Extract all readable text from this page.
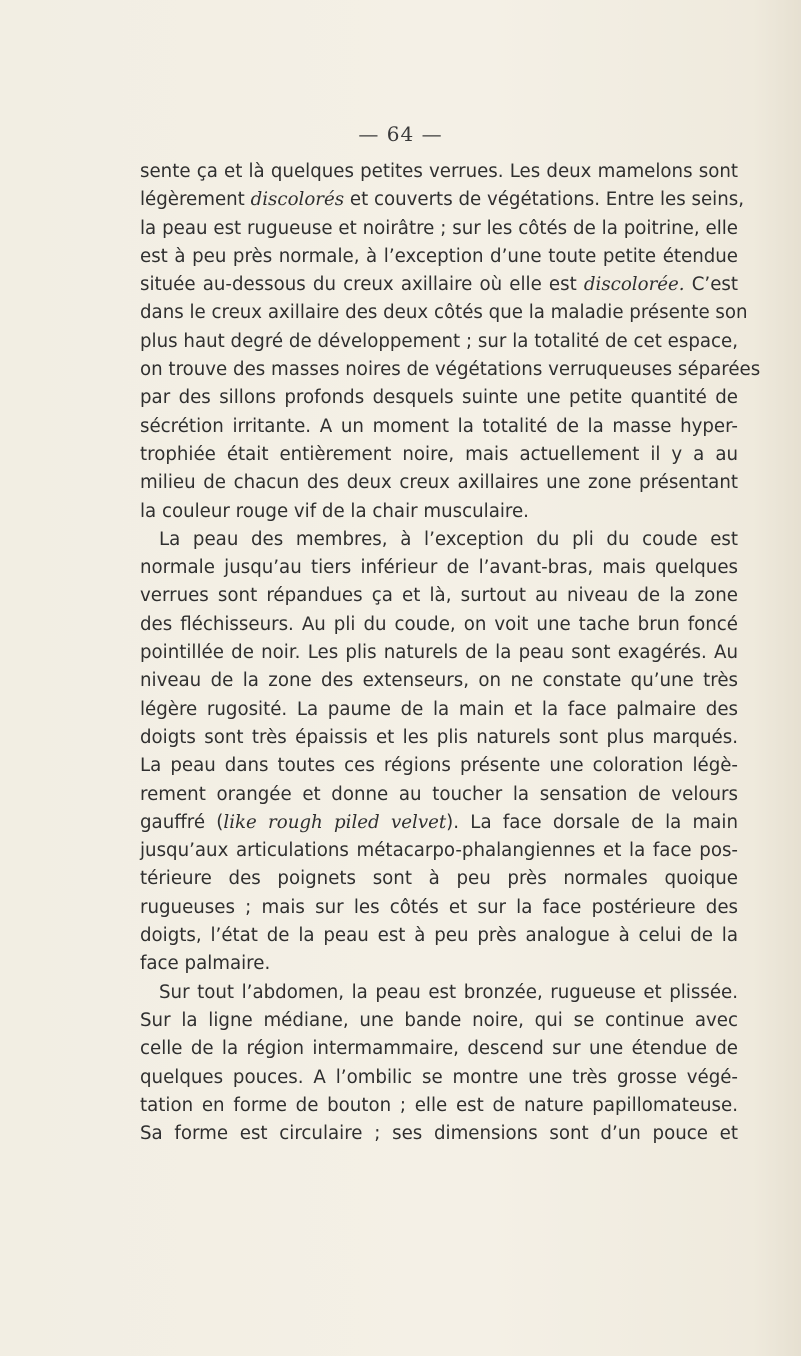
— 64 —
sente ça et là quelques petites verrues. Les deux mamelons sont
légèrement discolorés et couverts de végétations. Entre les seins,
la peau est rugueuse et noirâtre ; sur les côtés de la poitrine, elle
est à peu près normale, à l’exception d’une toute petite étendue
située au-dessous du creux axillaire où elle est discolorée. C’est
dans le creux axillaire des deux côtés que la maladie présente son
plus haut degré de développement ; sur la totalité de cet espace,
on trouve des masses noires de végétations verruqueuses séparées
par des sillons profonds desquels suinte une petite quantité de
sécrétion irritante. A un moment la totalité de la masse hyper-
trophiée était entièrement noire, mais actuellement il y a au
milieu de chacun des deux creux axillaires une zone présentant
la couleur rouge vif de la chair musculaire.
La peau des membres, à l’exception du pli du coude est
normale jusqu’au tiers inférieur de l’avant-bras, mais quelques
verrues sont répandues ça et là, surtout au niveau de la zone
des fléchisseurs. Au pli du coude, on voit une tache brun foncé
pointillée de noir. Les plis naturels de la peau sont exagérés. Au
niveau de la zone des extenseurs, on ne constate qu’une très
légère rugosité. La paume de la main et la face palmaire des
doigts sont très épaissis et les plis naturels sont plus marqués.
La peau dans toutes ces régions présente une coloration légè-
rement orangée et donne au toucher la sensation de velours
gauffré (like rough piled velvet). La face dorsale de la main
jusqu’aux articulations métacarpo-phalangiennes et la face pos-
térieure des poignets sont à peu près normales quoique
rugueuses ; mais sur les côtés et sur la face postérieure des
doigts, l’état de la peau est à peu près analogue à celui de la
face palmaire.
Sur tout l’abdomen, la peau est bronzée, rugueuse et plissée.
Sur la ligne médiane, une bande noire, qui se continue avec
celle de la région intermammaire, descend sur une étendue de
quelques pouces. A l’ombilic se montre une très grosse végé-
tation en forme de bouton ; elle est de nature papillomateuse.
Sa forme est circulaire ; ses dimensions sont d’un pouce et
